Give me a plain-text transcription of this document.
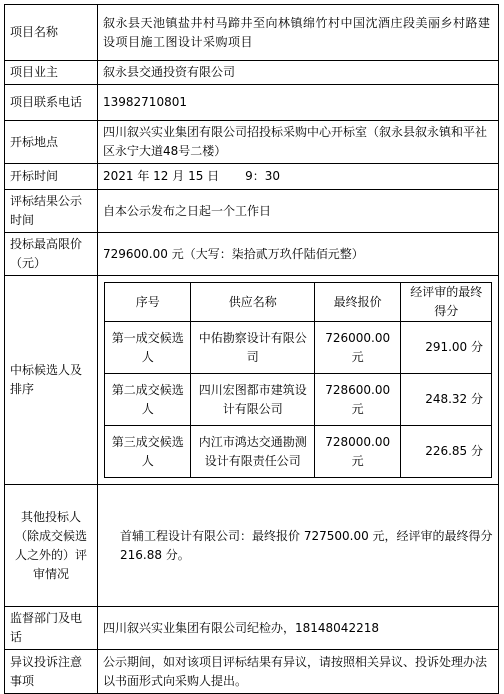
项目名称	叙永县天池镇盐井村马蹄井至向林镇绵竹村中国沈酒庄段美丽乡村路建设项目施工图设计采购项目
项目业主	叙永县交通投资有限公司
项目联系电话	13982710801
开标地点	四川叙兴实业集团有限公司招投标采购中心开标室（叙永县叙永镇和平社区永宁大道48号二楼）
开标时间	2021 年 12 月 15 日 9：30
评标结果公示时间	自本公示发布之日起一个工作日
投标最高限价（元）	729600.00 元（大写：柒拾贰万玖仟陆佰元整）
中标候选人及排序	
序号	供应名称	最终报价	经评审的最终得分
第一成交候选人	中佑勘察设计有限公司	726000.00 元	291.00 分
第二成交候选人	四川宏图都市建筑设计有限公司	728600.00 元	248.32 分
第三成交候选人	内江市鸿达交通勘测设计有限责任公司	728000.00 元	226.85 分

其他投标人（除成交候选人之外的）评审情况	首辅工程设计有限公司：最终报价 727500.00 元，经评审的最终得分 216.88 分。
监督部门及电话	四川叙兴实业集团有限公司纪检办，18148042218
异议投诉注意事项	公示期间，如对该项目评标结果有异议，请按照相关异议、投诉处理办法以书面形式向采购人提出。
